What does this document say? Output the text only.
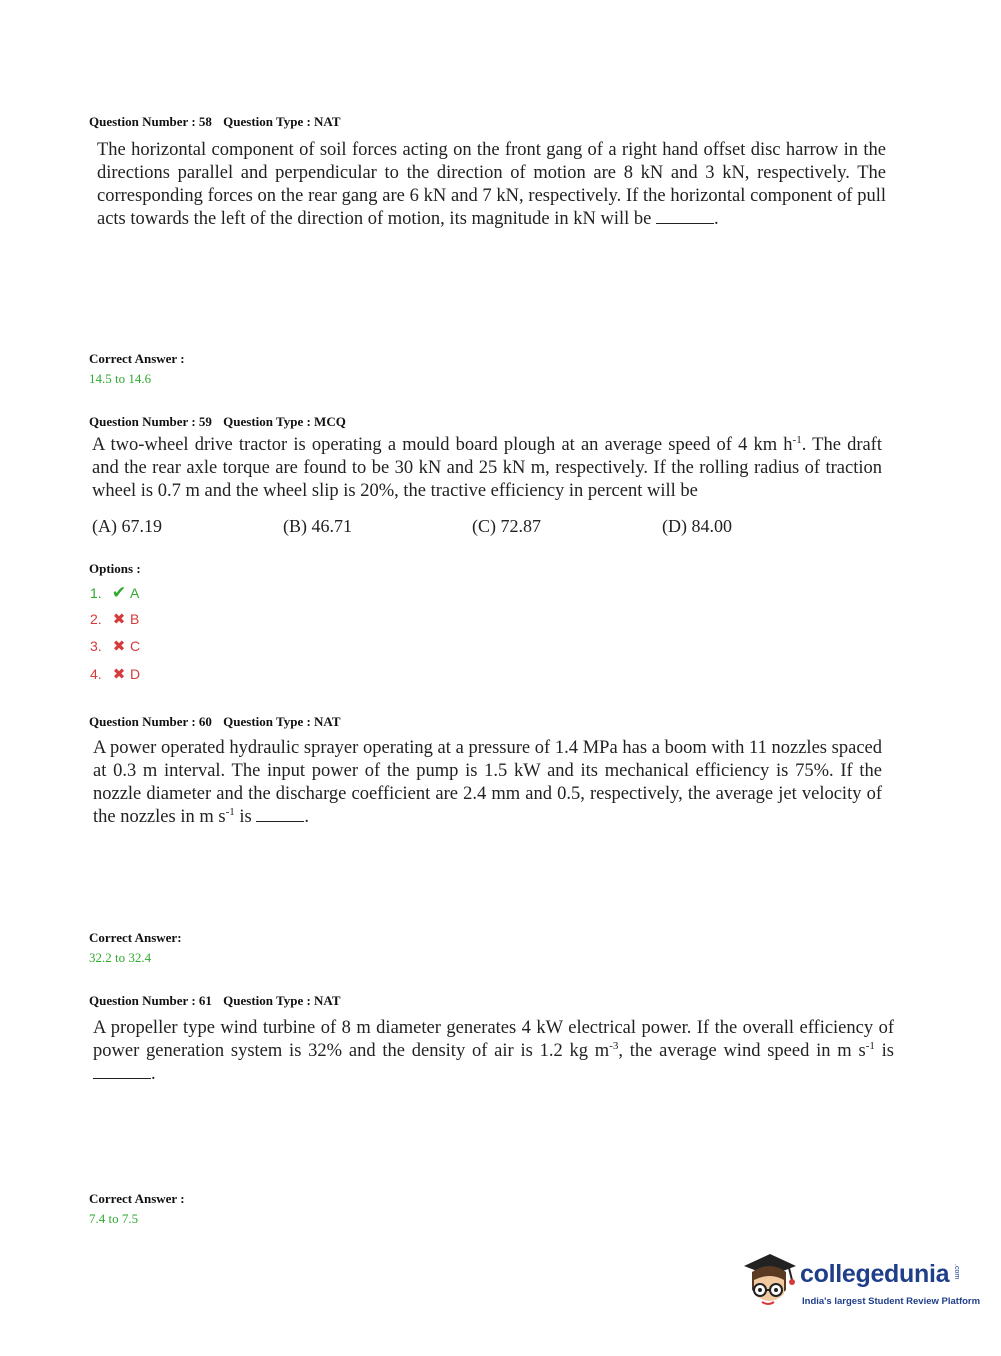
Question Number : 58 Question Type : NAT
The horizontal component of soil forces acting on the front gang of a right hand offset disc harrow in the directions parallel and perpendicular to the direction of motion are 8 kN and 3 kN, respectively. The corresponding forces on the rear gang are 6 kN and 7 kN, respectively. If the horizontal component of pull acts towards the left of the direction of motion, its magnitude in kN will be	.
Correct Answer :
14.5 to 14.6
Question Number : 59 Question Type : MCQ
A two-wheel drive tractor is operating a mould board plough at an average speed of 4 km $h^{-1}$. The draft and the rear axle torque are found to be 30 kN and 25 kN m, respectively. If the rolling radius of traction wheel is 0.7 m and the wheel slip is 20%, the tractive efficiency in percent will be
(A) 67.19	(B) 46.71	(C) 72.87	(D) 84.00
Options :
1. ✔ A
2. ✖ B
3. ✖ C
4. ✖ D
Question Number : 60 Question Type : NAT
A power operated hydraulic sprayer operating at a pressure of 1.4 MPa has a boom with 11 nozzles spaced at 0.3 m interval. The input power of the pump is 1.5 kW and its mechanical efficiency is 75%. If the nozzle diameter and the discharge coefficient are 2.4 mm and 0.5, respectively, the average jet velocity of the nozzles in m $s^{-1}$ is	.
Correct Answer:
32.2 to 32.4
Question Number : 61 Question Type : NAT
A propeller type wind turbine of 8 m diameter generates 4 kW electrical power. If the overall efficiency of power generation system is 32% and the density of air is 1.2 kg $m^{-3}$, the average wind speed in m $s^{-1}$ is .
Correct Answer :
7.4 to 7.5
collegedunia .com
India's largest Student Review Platform
